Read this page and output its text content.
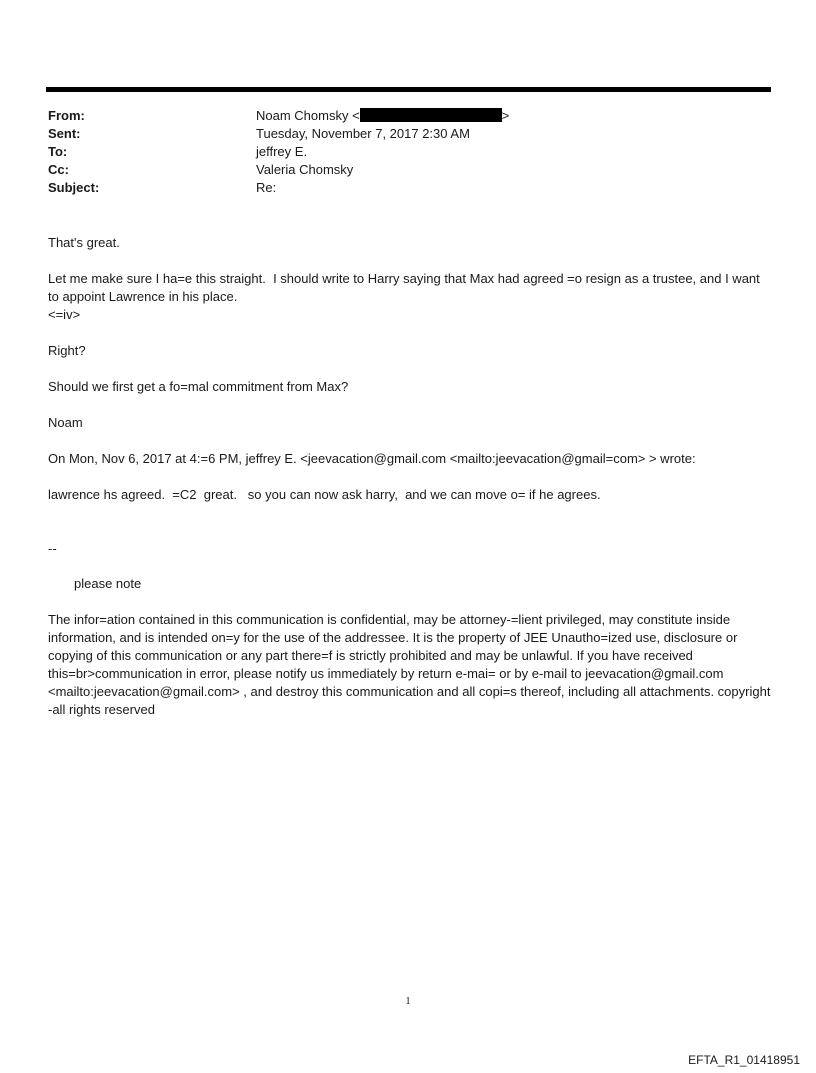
From:	Noam Chomsky <	>
Sent:	Tuesday, November 7, 2017 2:30 AM
To:	jeffrey E.
Cc:	Valeria Chomsky
Subject:	Re:
That's great.
Let me make sure I ha=e this straight.  I should write to Harry saying that Max had agreed =o resign as a trustee, and I want to appoint Lawrence in his place.
<=iv>
Right?
Should we first get a fo=mal commitment from Max?
Noam
On Mon, Nov 6, 2017 at 4:=6 PM, jeffrey E. <jeevacation@gmail.com <mailto:jeevacation@gmail=com> > wrote:
lawrence hs agreed.  =C2  great.   so you can now ask harry,  and we can move o= if he agrees.
--
please note
The infor=ation contained in this communication is confidential, may be attorney-=lient privileged, may constitute inside information, and is intended on=y for the use of the addressee. It is the property of JEE Unautho=ized use, disclosure or copying of this communication or any part there=f is strictly prohibited and may be unlawful. If you have received this=br>communication in error, please notify us immediately by return e-mai= or by e-mail to jeevacation@gmail.com <mailto:jeevacation@gmail.com> , and destroy this communication and all copi=s thereof, including all attachments. copyright -all rights reserved
1
EFTA_R1_01418951
